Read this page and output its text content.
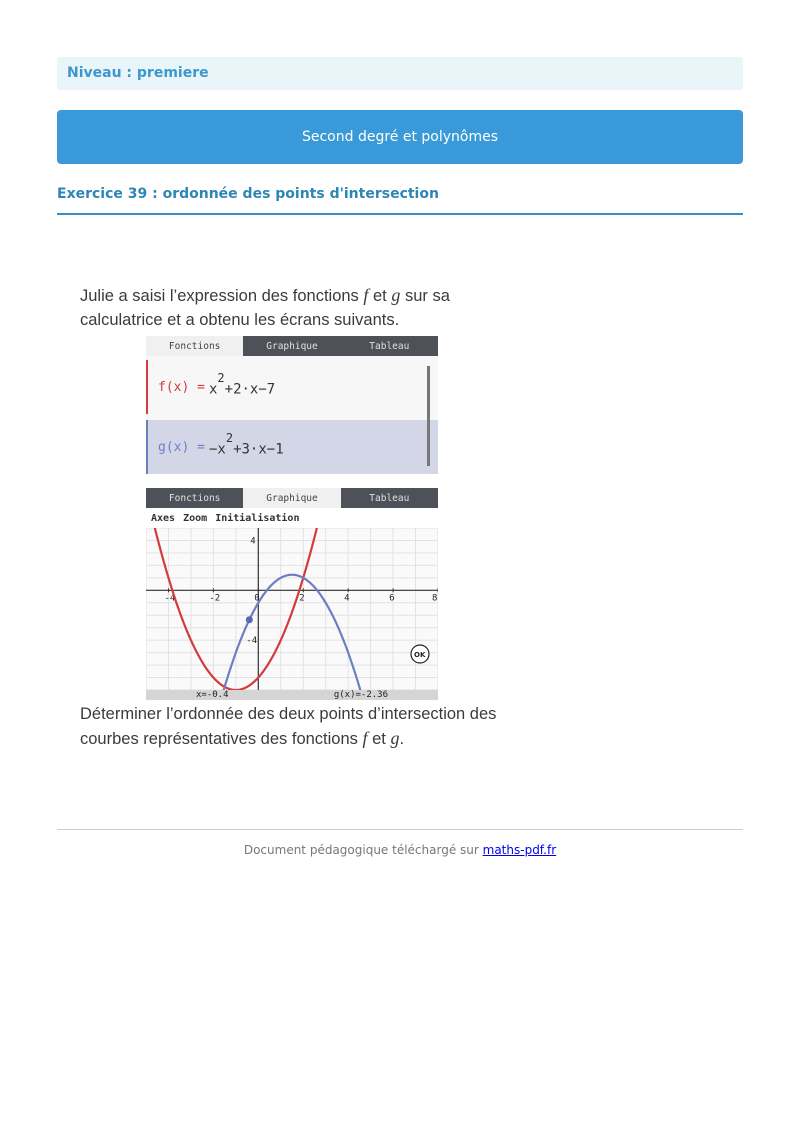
Niveau : premiere
Second degré et polynômes
Exercice 39 : ordonnée des points d'intersection

Julie a saisi l’expression des fonctions f et g sur sa calculatrice et a obtenu les écrans suivants.

Fonctions	Graphique	Tableau
$f(x) = x^2+2\cdot x-7$
$g(x) = -x^2+3\cdot x-1$
Fonctions	Graphique	Tableau
Axes Zoom Initialisation
-4	-2	0	2	4	6	8
4
-4
OK
x=-0.4	g(x)=-2.36

Déterminer l’ordonnée des deux points d’intersection des courbes représentatives des fonctions f et g.

Document pédagogique téléchargé sur maths-pdf.fr
